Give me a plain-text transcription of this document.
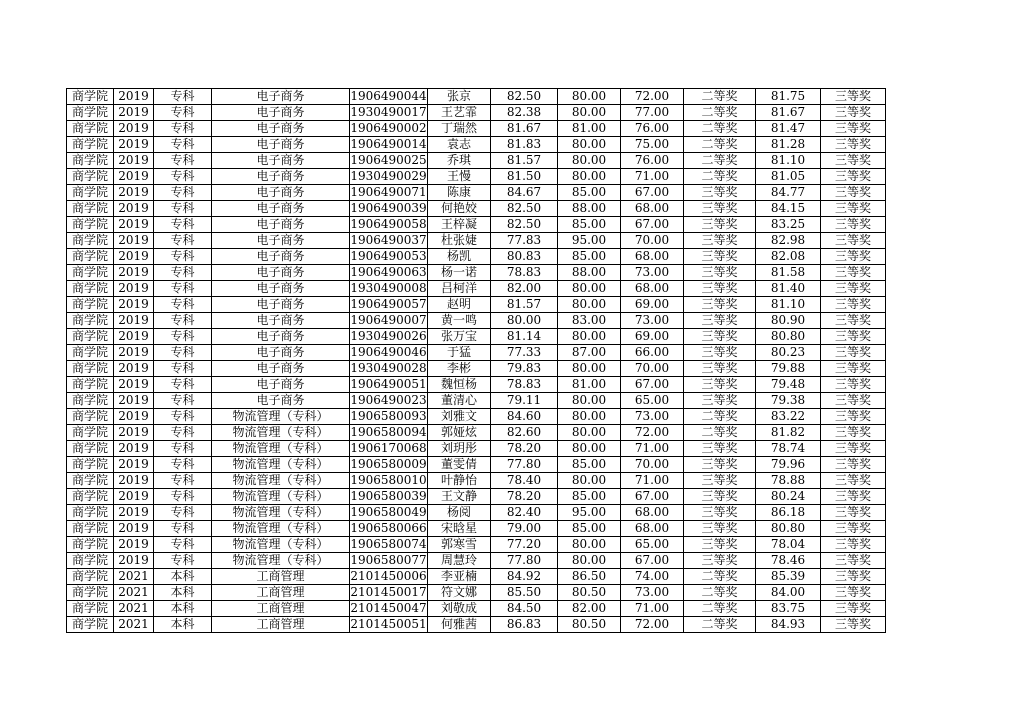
商学院	2019	专科	电子商务	1906490044	张京	82.50	80.00	72.00	二等奖	81.75	三等奖
商学院	2019	专科	电子商务	1930490017	王艺霏	82.38	80.00	77.00	二等奖	81.67	三等奖
商学院	2019	专科	电子商务	1906490002	丁瑞然	81.67	81.00	76.00	二等奖	81.47	三等奖
商学院	2019	专科	电子商务	1906490014	袁志	81.83	80.00	75.00	二等奖	81.28	三等奖
商学院	2019	专科	电子商务	1906490025	乔琪	81.57	80.00	76.00	二等奖	81.10	三等奖
商学院	2019	专科	电子商务	1930490029	王慢	81.50	80.00	71.00	二等奖	81.05	三等奖
商学院	2019	专科	电子商务	1906490071	陈康	84.67	85.00	67.00	三等奖	84.77	三等奖
商学院	2019	专科	电子商务	1906490039	何艳姣	82.50	88.00	68.00	三等奖	84.15	三等奖
商学院	2019	专科	电子商务	1906490058	王梓凝	82.50	85.00	67.00	三等奖	83.25	三等奖
商学院	2019	专科	电子商务	1906490037	杜张婕	77.83	95.00	70.00	三等奖	82.98	三等奖
商学院	2019	专科	电子商务	1906490053	杨凯	80.83	85.00	68.00	三等奖	82.08	三等奖
商学院	2019	专科	电子商务	1906490063	杨一诺	78.83	88.00	73.00	三等奖	81.58	三等奖
商学院	2019	专科	电子商务	1930490008	吕柯洋	82.00	80.00	68.00	三等奖	81.40	三等奖
商学院	2019	专科	电子商务	1906490057	赵明	81.57	80.00	69.00	三等奖	81.10	三等奖
商学院	2019	专科	电子商务	1906490007	黄一鸣	80.00	83.00	73.00	三等奖	80.90	三等奖
商学院	2019	专科	电子商务	1930490026	张万宝	81.14	80.00	69.00	三等奖	80.80	三等奖
商学院	2019	专科	电子商务	1906490046	于猛	77.33	87.00	66.00	三等奖	80.23	三等奖
商学院	2019	专科	电子商务	1930490028	李彬	79.83	80.00	70.00	三等奖	79.88	三等奖
商学院	2019	专科	电子商务	1906490051	魏恒杨	78.83	81.00	67.00	三等奖	79.48	三等奖
商学院	2019	专科	电子商务	1906490023	董清心	79.11	80.00	65.00	三等奖	79.38	三等奖
商学院	2019	专科	物流管理（专科）	1906580093	刘雅文	84.60	80.00	73.00	二等奖	83.22	三等奖
商学院	2019	专科	物流管理（专科）	1906580094	郭娅炫	82.60	80.00	72.00	二等奖	81.82	三等奖
商学院	2019	专科	物流管理（专科）	1906170068	刘玥彤	78.20	80.00	71.00	三等奖	78.74	三等奖
商学院	2019	专科	物流管理（专科）	1906580009	董雯倩	77.80	85.00	70.00	三等奖	79.96	三等奖
商学院	2019	专科	物流管理（专科）	1906580010	叶静怡	78.40	80.00	71.00	三等奖	78.88	三等奖
商学院	2019	专科	物流管理（专科）	1906580039	王文静	78.20	85.00	67.00	三等奖	80.24	三等奖
商学院	2019	专科	物流管理（专科）	1906580049	杨阅	82.40	95.00	68.00	三等奖	86.18	三等奖
商学院	2019	专科	物流管理（专科）	1906580066	宋晗星	79.00	85.00	68.00	三等奖	80.80	三等奖
商学院	2019	专科	物流管理（专科）	1906580074	郭寒雪	77.20	80.00	65.00	三等奖	78.04	三等奖
商学院	2019	专科	物流管理（专科）	1906580077	周慧玲	77.80	80.00	67.00	三等奖	78.46	三等奖
商学院	2021	本科	工商管理	2101450006	李亚楠	84.92	86.50	74.00	二等奖	85.39	三等奖
商学院	2021	本科	工商管理	2101450017	符文娜	85.50	80.50	73.00	二等奖	84.00	三等奖
商学院	2021	本科	工商管理	2101450047	刘敬成	84.50	82.00	71.00	二等奖	83.75	三等奖
商学院	2021	本科	工商管理	2101450051	何雅茜	86.83	80.50	72.00	二等奖	84.93	三等奖
